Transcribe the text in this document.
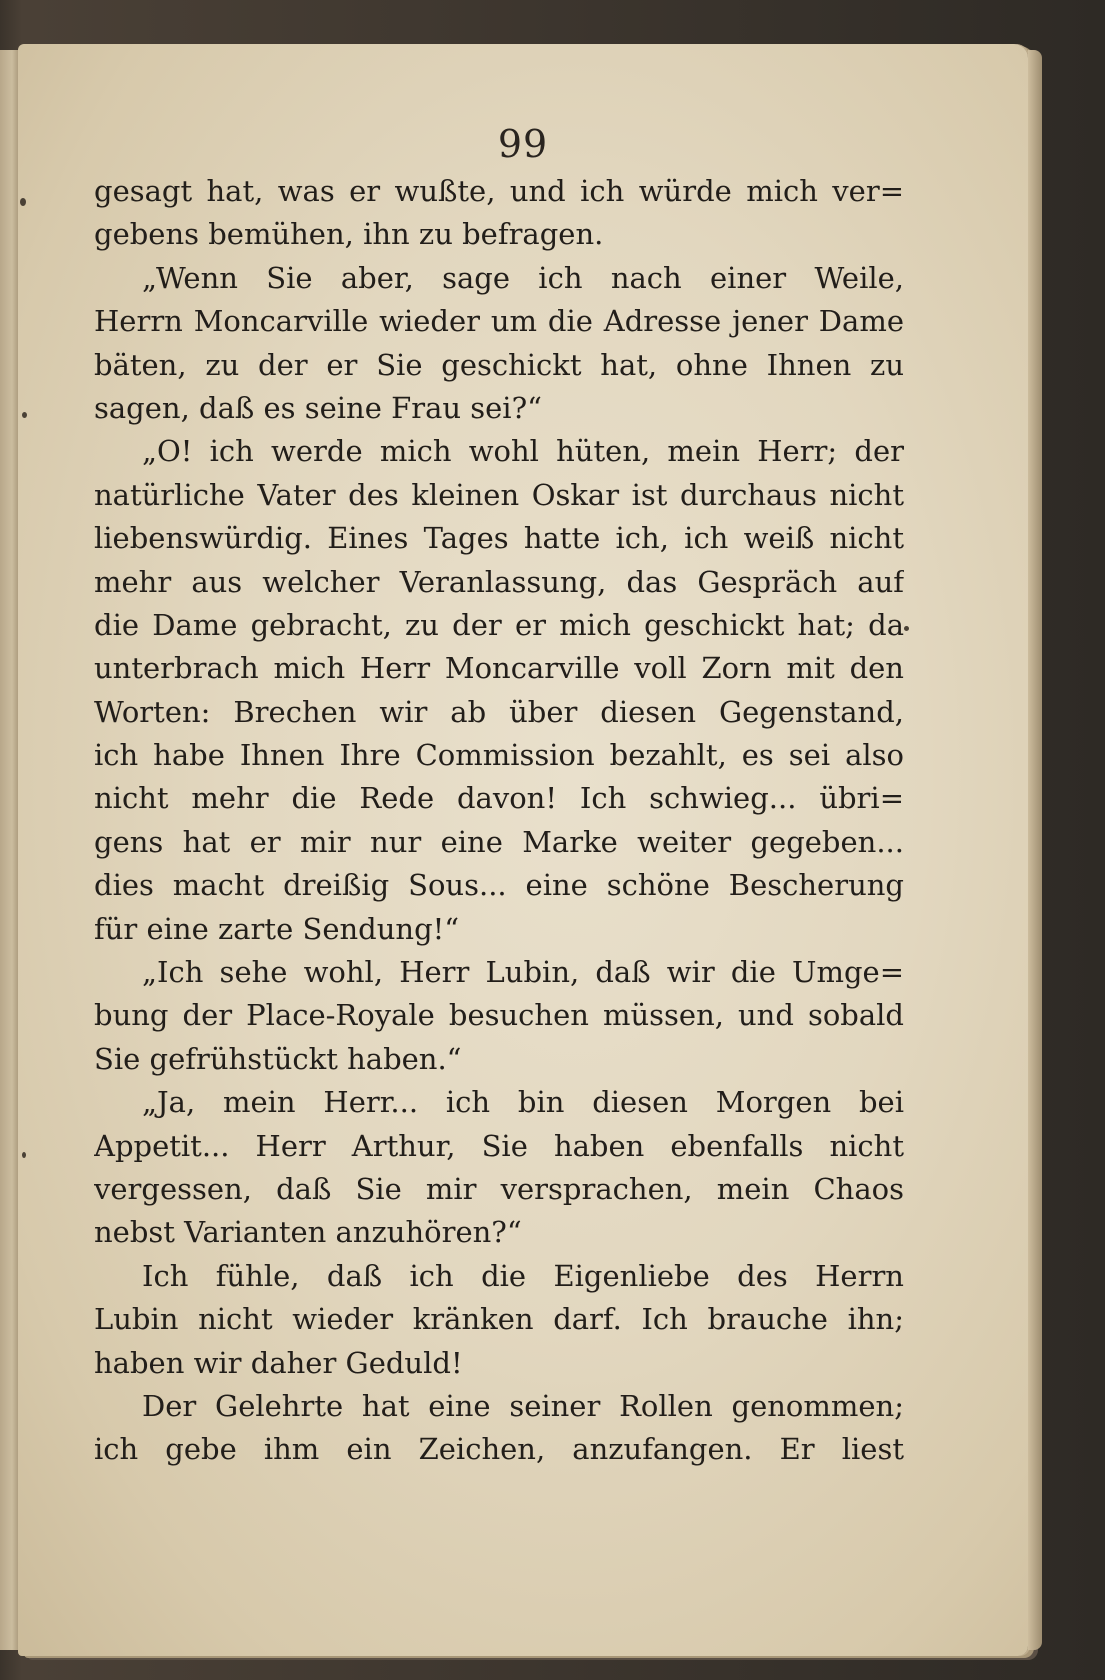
99
gesagt hat, was er wußte, und ich würde mich ver=
gebens bemühen, ihn zu befragen.
„Wenn Sie aber, sage ich nach einer Weile,
Herrn Moncarville wieder um die Adresse jener Dame
bäten, zu der er Sie geschickt hat, ohne Ihnen zu
sagen, daß es seine Frau sei?“
„O! ich werde mich wohl hüten, mein Herr; der
natürliche Vater des kleinen Oskar ist durchaus nicht
liebenswürdig. Eines Tages hatte ich, ich weiß nicht
mehr aus welcher Veranlassung, das Gespräch auf
die Dame gebracht, zu der er mich geschickt hat; da
unterbrach mich Herr Moncarville voll Zorn mit den
Worten: Brechen wir ab über diesen Gegenstand,
ich habe Ihnen Ihre Commission bezahlt, es sei also
nicht mehr die Rede davon! Ich schwieg... übri=
gens hat er mir nur eine Marke weiter gegeben...
dies macht dreißig Sous... eine schöne Bescherung
für eine zarte Sendung!“
„Ich sehe wohl, Herr Lubin, daß wir die Umge=
bung der Place-Royale besuchen müssen, und sobald
Sie gefrühstückt haben.“
„Ja, mein Herr... ich bin diesen Morgen bei
Appetit... Herr Arthur, Sie haben ebenfalls nicht
vergessen, daß Sie mir versprachen, mein Chaos
nebst Varianten anzuhören?“
Ich fühle, daß ich die Eigenliebe des Herrn
Lubin nicht wieder kränken darf. Ich brauche ihn;
haben wir daher Geduld!
Der Gelehrte hat eine seiner Rollen genommen;
ich gebe ihm ein Zeichen, anzufangen. Er liest
